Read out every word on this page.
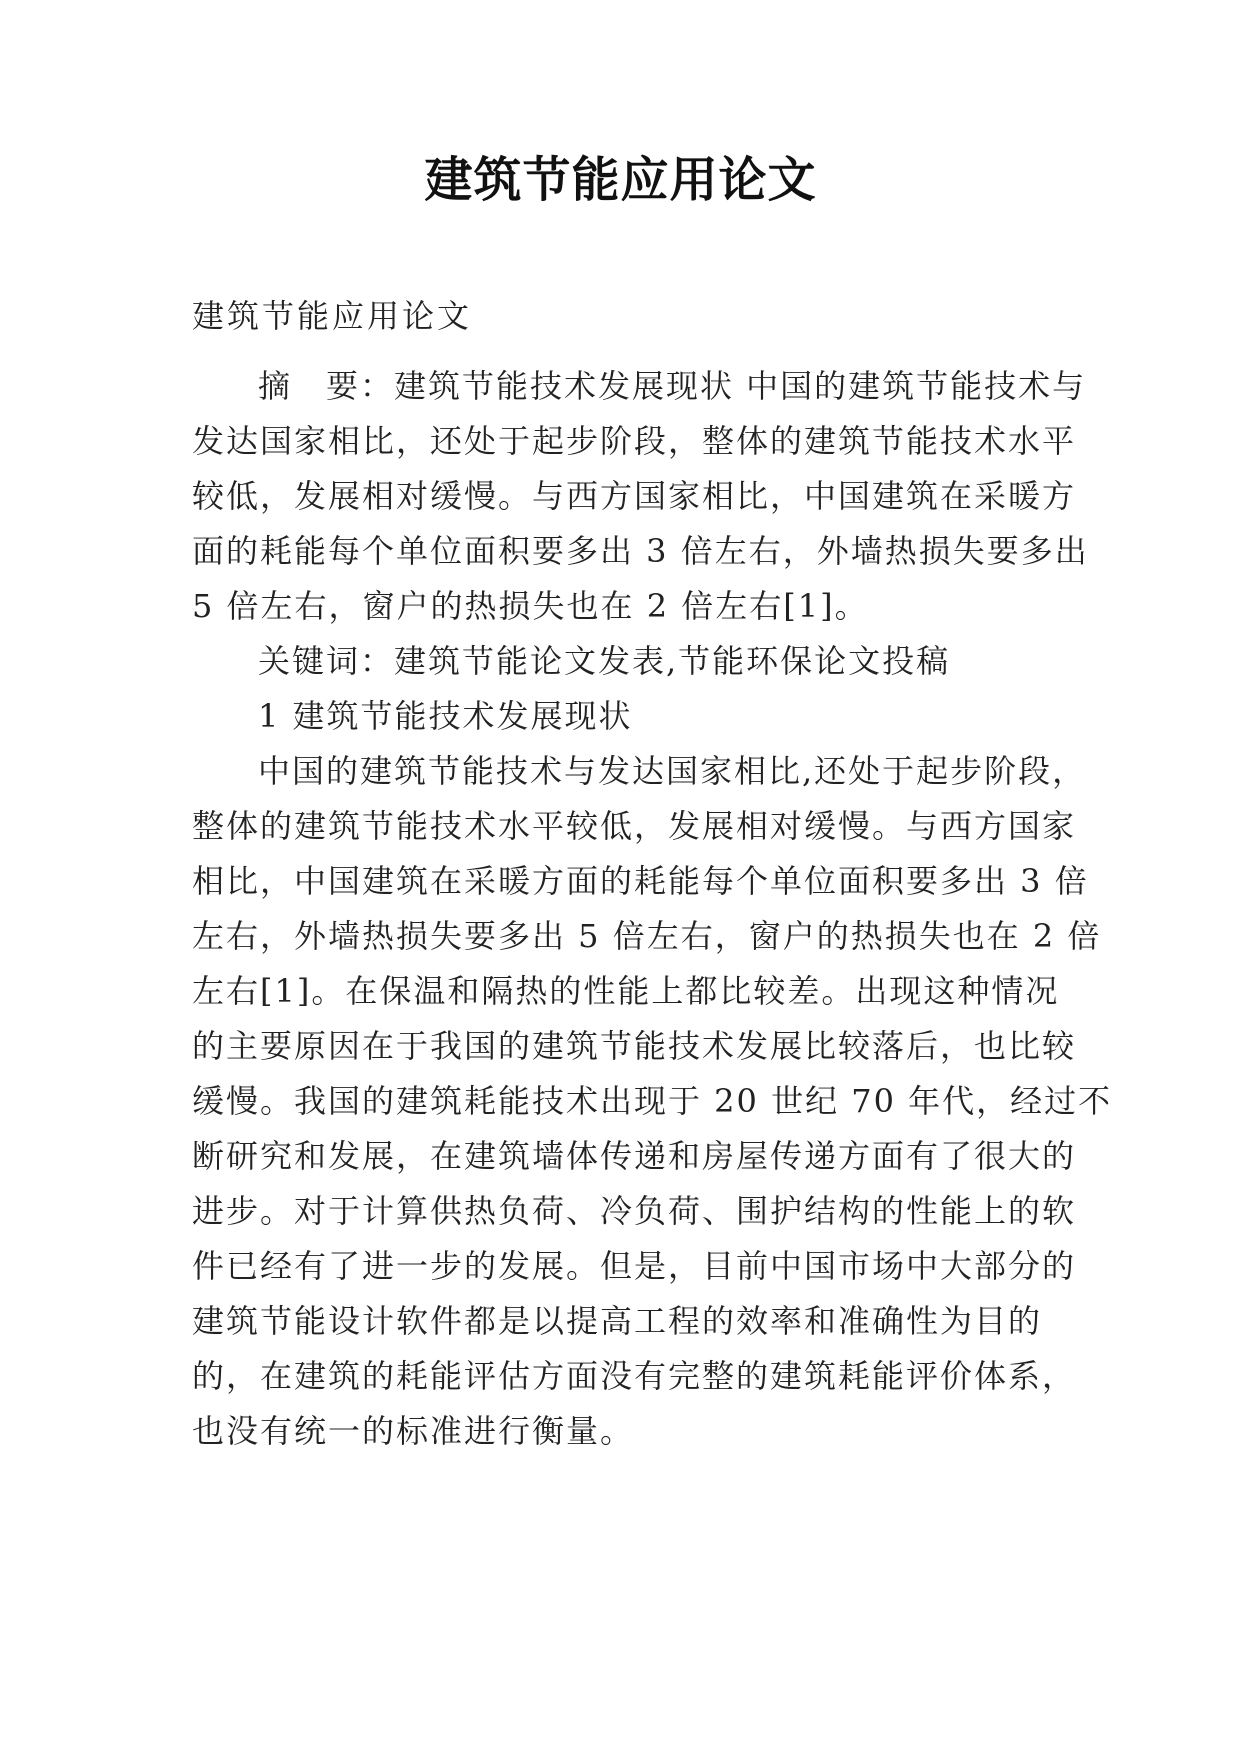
建筑节能应用论文

建筑节能应用论文

摘　要：建筑节能技术发展现状 中国的建筑节能技术与

发达国家相比，还处于起步阶段，整体的建筑节能技术水平

较低，发展相对缓慢。与西方国家相比，中国建筑在采暖方

面的耗能每个单位面积要多出 3 倍左右，外墙热损失要多出

5 倍左右，窗户的热损失也在 2 倍左右[1]。

关键词：建筑节能论文发表,节能环保论文投稿

1 建筑节能技术发展现状

中国的建筑节能技术与发达国家相比,还处于起步阶段，

整体的建筑节能技术水平较低，发展相对缓慢。与西方国家

相比，中国建筑在采暖方面的耗能每个单位面积要多出 3 倍

左右，外墙热损失要多出 5 倍左右，窗户的热损失也在 2 倍

左右[1]。在保温和隔热的性能上都比较差。出现这种情况

的主要原因在于我国的建筑节能技术发展比较落后，也比较

缓慢。我国的建筑耗能技术出现于 20 世纪 70 年代，经过不

断研究和发展，在建筑墙体传递和房屋传递方面有了很大的

进步。对于计算供热负荷、冷负荷、围护结构的性能上的软

件已经有了进一步的发展。但是，目前中国市场中大部分的

建筑节能设计软件都是以提高工程的效率和准确性为目的

的，在建筑的耗能评估方面没有完整的建筑耗能评价体系，

也没有统一的标准进行衡量。
